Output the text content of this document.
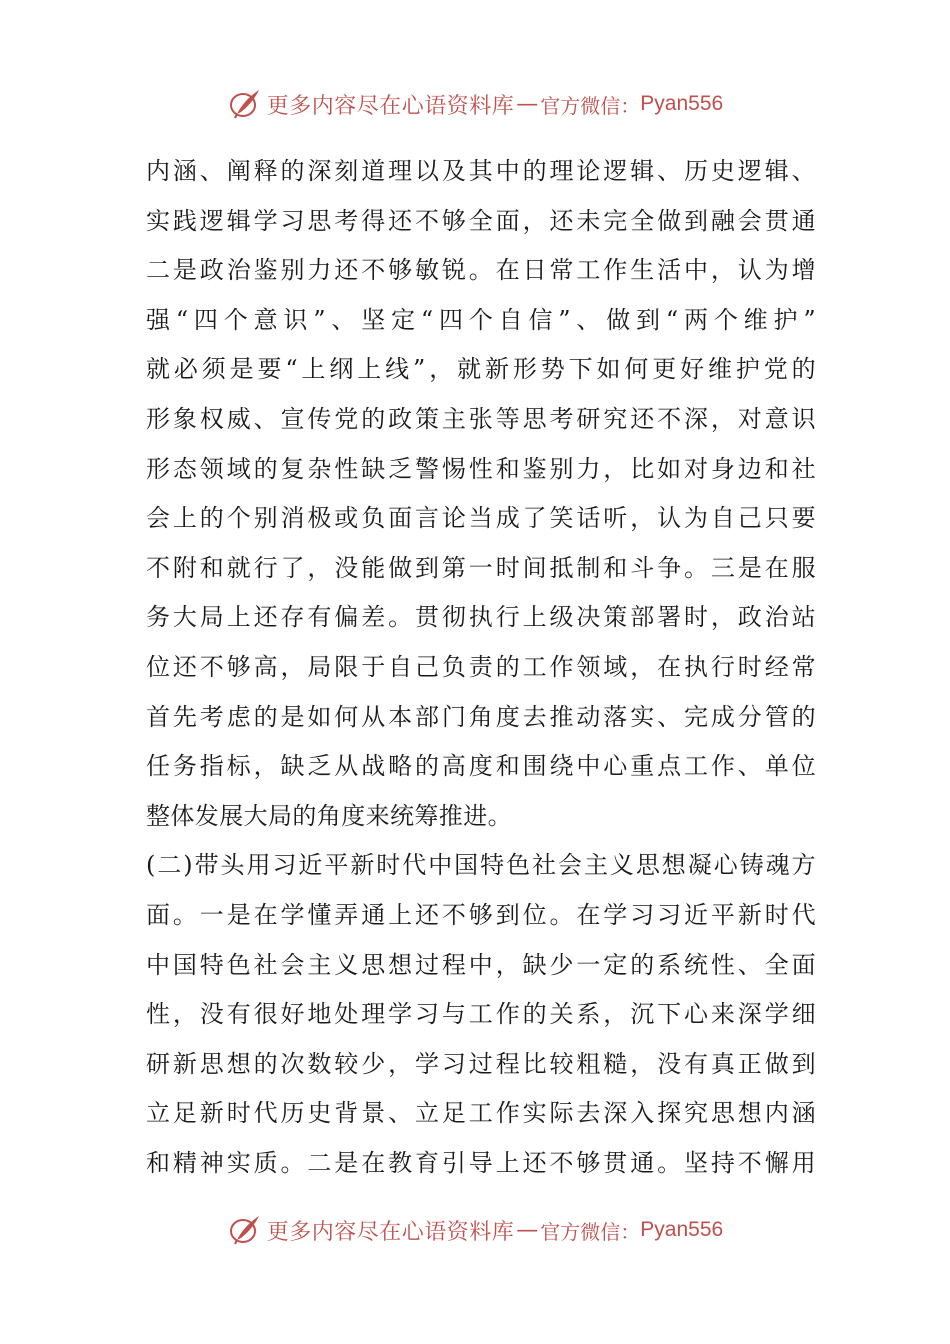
更多内容尽在心语资料库 — 官方微信： Pyan556
内涵、阐释的深刻道理以及其中的理论逻辑、历史逻辑、
实践逻辑学习思考得还不够全面，还未完全做到融会贯通
二是政治鉴别力还不够敏锐。在日常工作生活中，认为增
强“四个意识”、坚定“四个自信”、做到“两个维护”
就必须是要“上纲上线”，就新形势下如何更好维护党的
形象权威、宣传党的政策主张等思考研究还不深，对意识
形态领域的复杂性缺乏警惕性和鉴别力，比如对身边和社
会上的个别消极或负面言论当成了笑话听，认为自己只要
不附和就行了，没能做到第一时间抵制和斗争。三是在服
务大局上还存有偏差。贯彻执行上级决策部署时，政治站
位还不够高，局限于自己负责的工作领域，在执行时经常
首先考虑的是如何从本部门角度去推动落实、完成分管的
任务指标，缺乏从战略的高度和围绕中心重点工作、单位
整体发展大局的角度来统筹推进。
(二)带头用习近平新时代中国特色社会主义思想凝心铸魂方
面。一是在学懂弄通上还不够到位。在学习习近平新时代
中国特色社会主义思想过程中，缺少一定的系统性、全面
性，没有很好地处理学习与工作的关系，沉下心来深学细
研新思想的次数较少，学习过程比较粗糙，没有真正做到
立足新时代历史背景、立足工作实际去深入探究思想内涵
和精神实质。二是在教育引导上还不够贯通。坚持不懈用
更多内容尽在心语资料库 — 官方微信： Pyan556
